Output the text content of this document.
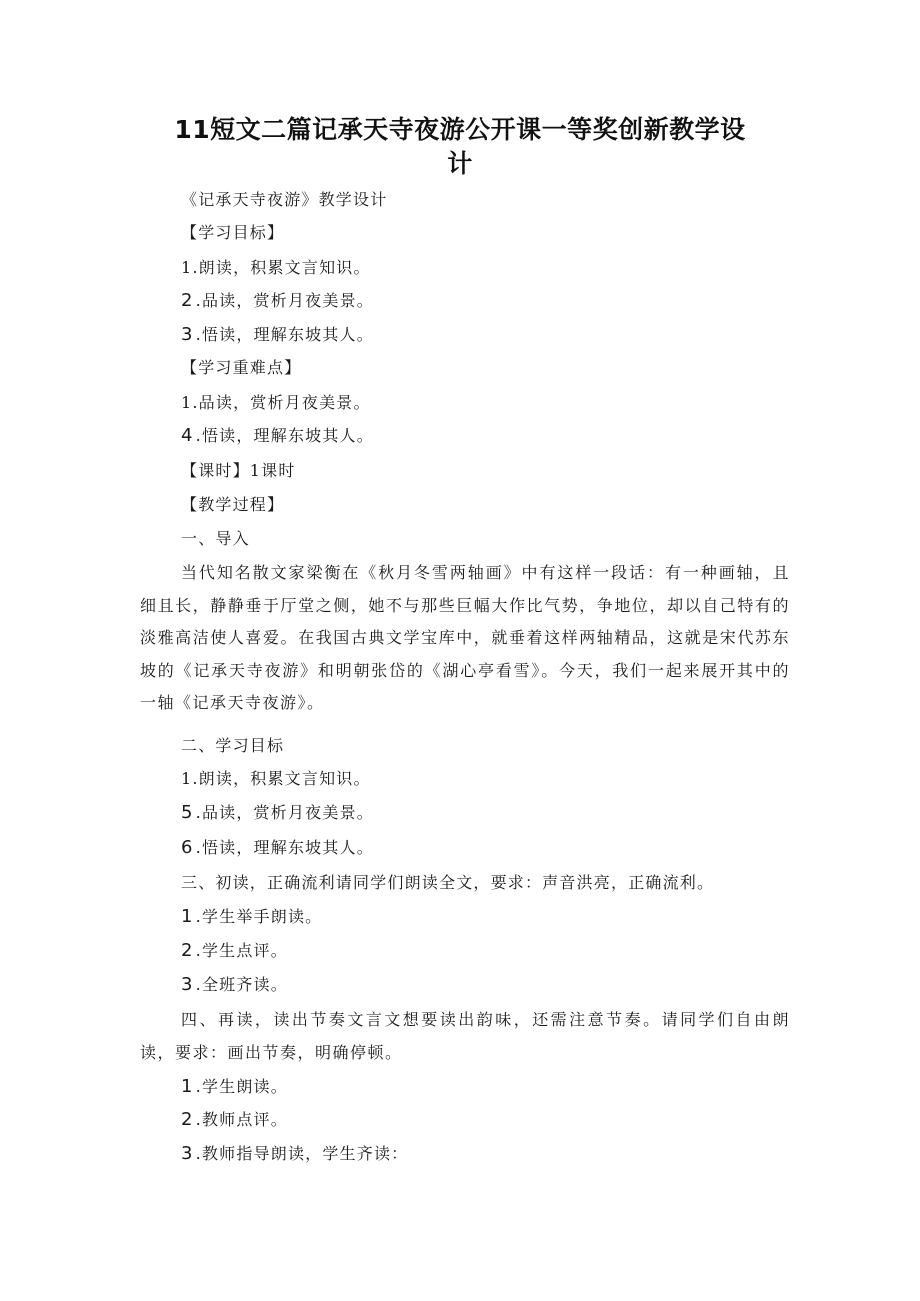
11短文二篇记承天寺夜游公开课一等奖创新教学设
计

《记承天寺夜游》教学设计

【学习目标】

1.朗读，积累文言知识。

2 .品读，赏析月夜美景。

3 .悟读，理解东坡其人。

【学习重难点】

1.品读，赏析月夜美景。

4 .悟读，理解东坡其人。

【课时】1课时

【教学过程】

一、导入

当代知名散文家梁衡在《秋月冬雪两轴画》中有这样一段话：有一种画轴，且细且长，静静垂于厅堂之侧，她不与那些巨幅大作比气势，争地位，却以自己特有的淡雅高洁使人喜爱。在我国古典文学宝库中，就垂着这样两轴精品，这就是宋代苏东坡的《记承天寺夜游》和明朝张岱的《湖心亭看雪》。今天，我们一起来展开其中的一轴《记承天寺夜游》。

二、学习目标

1.朗读，积累文言知识。

5 .品读，赏析月夜美景。

6 .悟读，理解东坡其人。

三、初读，正确流利请同学们朗读全文，要求：声音洪亮，正确流利。

1 .学生举手朗读。

2 .学生点评。

3 .全班齐读。

四、再读，读出节奏文言文想要读出韵味，还需注意节奏。请同学们自由朗读，要求：画出节奏，明确停顿。

1 .学生朗读。

2 .教师点评。

3 .教师指导朗读，学生齐读：
